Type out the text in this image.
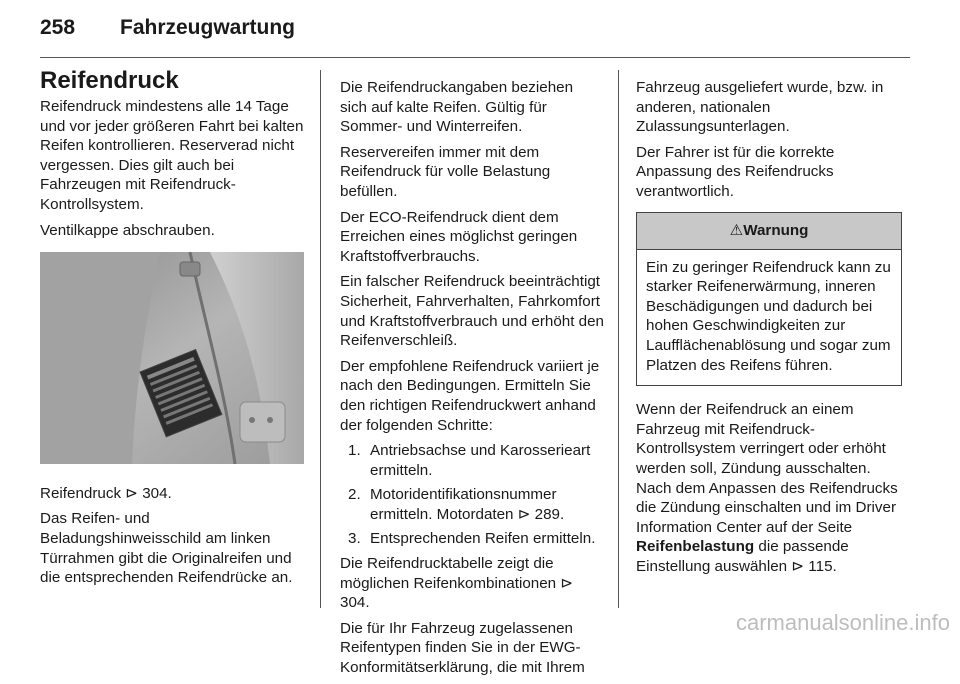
258 Fahrzeugwartung
Reifendruck

Reifendruck mindestens alle 14 Tage und vor jeder größeren Fahrt bei kalten Reifen kontrollieren. Reserverad nicht vergessen. Dies gilt auch bei Fahrzeugen mit Reifendruck-Kontrollsystem.

Ventilkappe abschrauben.

Reifendruck ⊳ 304.

Das Reifen- und Beladungshinweisschild am linken Türrahmen gibt die Originalreifen und die entsprechenden Reifendrücke an.

Die Reifendruckangaben beziehen sich auf kalte Reifen. Gültig für Sommer- und Winterreifen.

Reservereifen immer mit dem Reifendruck für volle Belastung befüllen.

Der ECO-Reifendruck dient dem Erreichen eines möglichst geringen Kraftstoffverbrauchs.

Ein falscher Reifendruck beeinträchtigt Sicherheit, Fahrverhalten, Fahrkomfort und Kraftstoffverbrauch und erhöht den Reifenverschleiß.

Der empfohlene Reifendruck variiert je nach den Bedingungen. Ermitteln Sie den richtigen Reifendruckwert anhand der folgenden Schritte:

1. Antriebsachse und Karosserieart ermitteln.
2. Motoridentifikationsnummer ermitteln. Motordaten ⊳ 289.
3. Entsprechenden Reifen ermitteln.

Die Reifendrucktabelle zeigt die möglichen Reifenkombinationen ⊳ 304.

Die für Ihr Fahrzeug zugelassenen Reifentypen finden Sie in der EWG-Konformitätserklärung, die mit Ihrem

Fahrzeug ausgeliefert wurde, bzw. in anderen, nationalen Zulassungsunterlagen.

Der Fahrer ist für die korrekte Anpassung des Reifendrucks verantwortlich.

⚠Warnung
Ein zu geringer Reifendruck kann zu starker Reifenerwärmung, inneren Beschädigungen und dadurch bei hohen Geschwindigkeiten zur Laufflächenablösung und sogar zum Platzen des Reifens führen.

Wenn der Reifendruck an einem Fahrzeug mit Reifendruck-Kontrollsystem verringert oder erhöht werden soll, Zündung ausschalten. Nach dem Anpassen des Reifendrucks die Zündung einschalten und im Driver Information Center auf der Seite
Reifenbelastung die passende Einstellung auswählen ⊳ 115.

carmanualsonline.info
